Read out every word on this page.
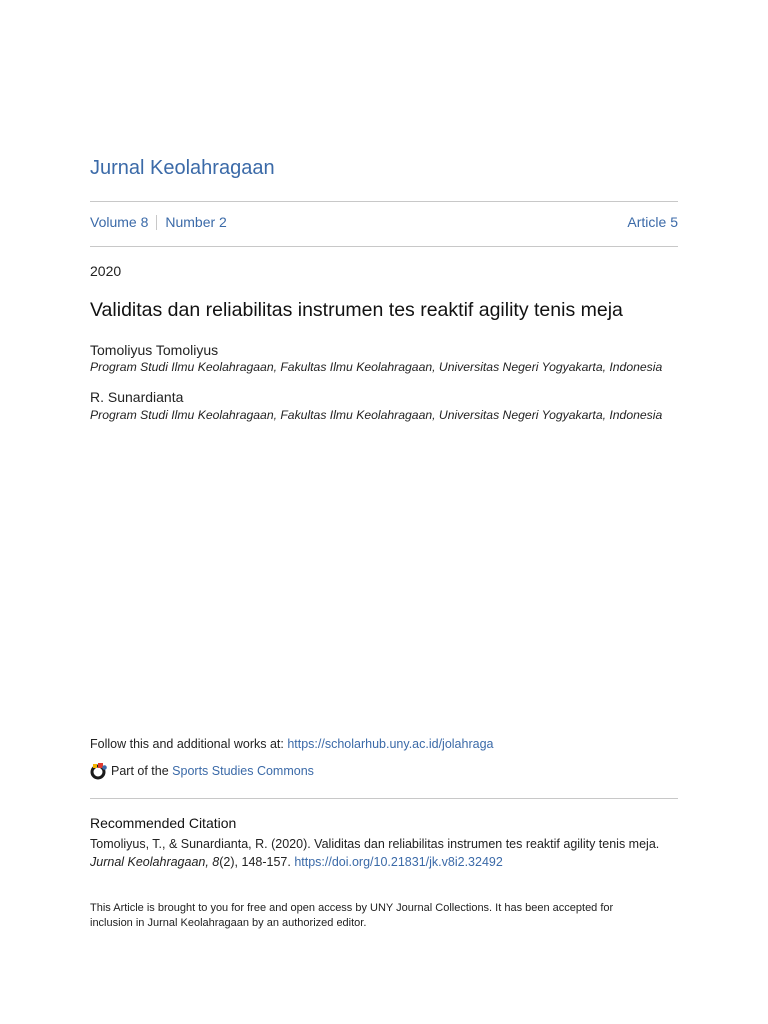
Jurnal Keolahragaan
Volume 8 Number 2	Article 5
2020
Validitas dan reliabilitas instrumen tes reaktif agility tenis meja
Tomoliyus Tomoliyus
Program Studi Ilmu Keolahragaan, Fakultas Ilmu Keolahragaan, Universitas Negeri Yogyakarta, Indonesia
R. Sunardianta
Program Studi Ilmu Keolahragaan, Fakultas Ilmu Keolahragaan, Universitas Negeri Yogyakarta, Indonesia
Follow this and additional works at: https://scholarhub.uny.ac.id/jolahraga
Part of the
Sports Studies Commons
Recommended Citation
Tomoliyus, T., & Sunardianta, R. (2020). Validitas dan reliabilitas instrumen tes reaktif agility tenis meja.
Jurnal Keolahragaan, 8(2), 148-157. https://doi.org/10.21831/jk.v8i2.32492
This Article is brought to you for free and open access by UNY Journal Collections. It has been accepted for inclusion in Jurnal Keolahragaan by an authorized editor.
